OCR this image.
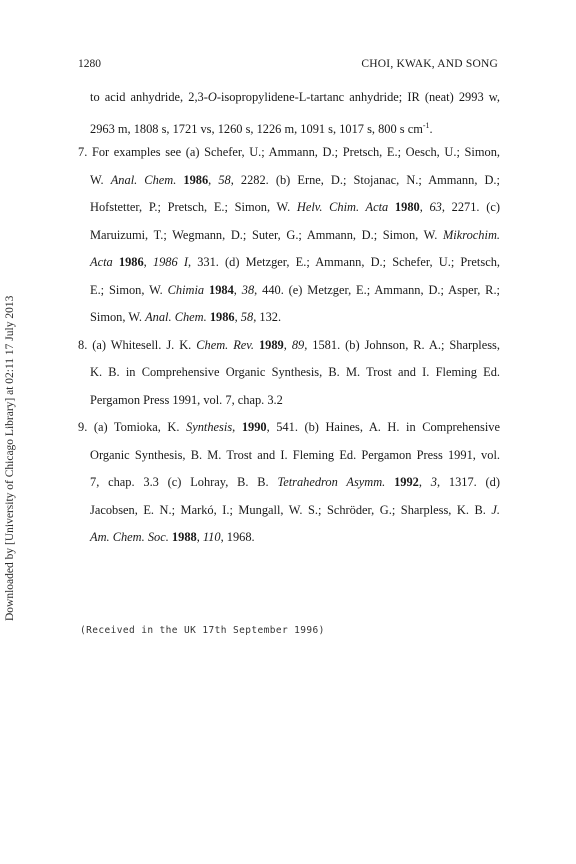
1280	CHOI, KWAK, AND SONG
Downloaded by [University of Chicago Library] at 02:11 17 July 2013
to acid anhydride, 2,3-O-isopropylidene-L-tartanc anhydride; IR (neat) 2993 w,
2963 m, 1808 s, 1721 vs, 1260 s, 1226 m, 1091 s, 1017 s, 800 s $cm^{-1}$.
7. For examples see (a) Schefer, U.; Ammann, D.; Pretsch, E.; Oesch, U.; Simon,
W. Anal. Chem. 1986, 58, 2282. (b) Erne, D.; Stojanac, N.; Ammann, D.;
Hofstetter, P.; Pretsch, E.; Simon, W. Helv. Chim. Acta 1980, 63, 2271. (c)
Maruizumi, T.; Wegmann, D.; Suter, G.; Ammann, D.; Simon, W. Mikrochim.
Acta 1986, 1986 I, 331. (d) Metzger, E.; Ammann, D.; Schefer, U.; Pretsch,
E.; Simon, W. Chimia 1984, 38, 440. (e) Metzger, E.; Ammann, D.; Asper, R.;
Simon, W. Anal. Chem. 1986, 58, 132.
8. (a) Whitesell. J. K. Chem. Rev. 1989, 89, 1581. (b) Johnson, R. A.; Sharpless,
K. B. in Comprehensive Organic Synthesis, B. M. Trost and I. Fleming Ed.
Pergamon Press 1991, vol. 7, chap. 3.2
9. (a) Tomioka, K. Synthesis, 1990, 541. (b) Haines, A. H. in Comprehensive
Organic Synthesis, B. M. Trost and I. Fleming Ed. Pergamon Press 1991, vol.
7, chap. 3.3 (c) Lohray, B. B. Tetrahedron Asymm. 1992, 3, 1317. (d)
Jacobsen, E. N.; Markó, I.; Mungall, W. S.; Schröder, G.; Sharpless, K. B. J.
Am. Chem. Soc. 1988, 110, 1968.
(Received in the UK 17th September 1996)
